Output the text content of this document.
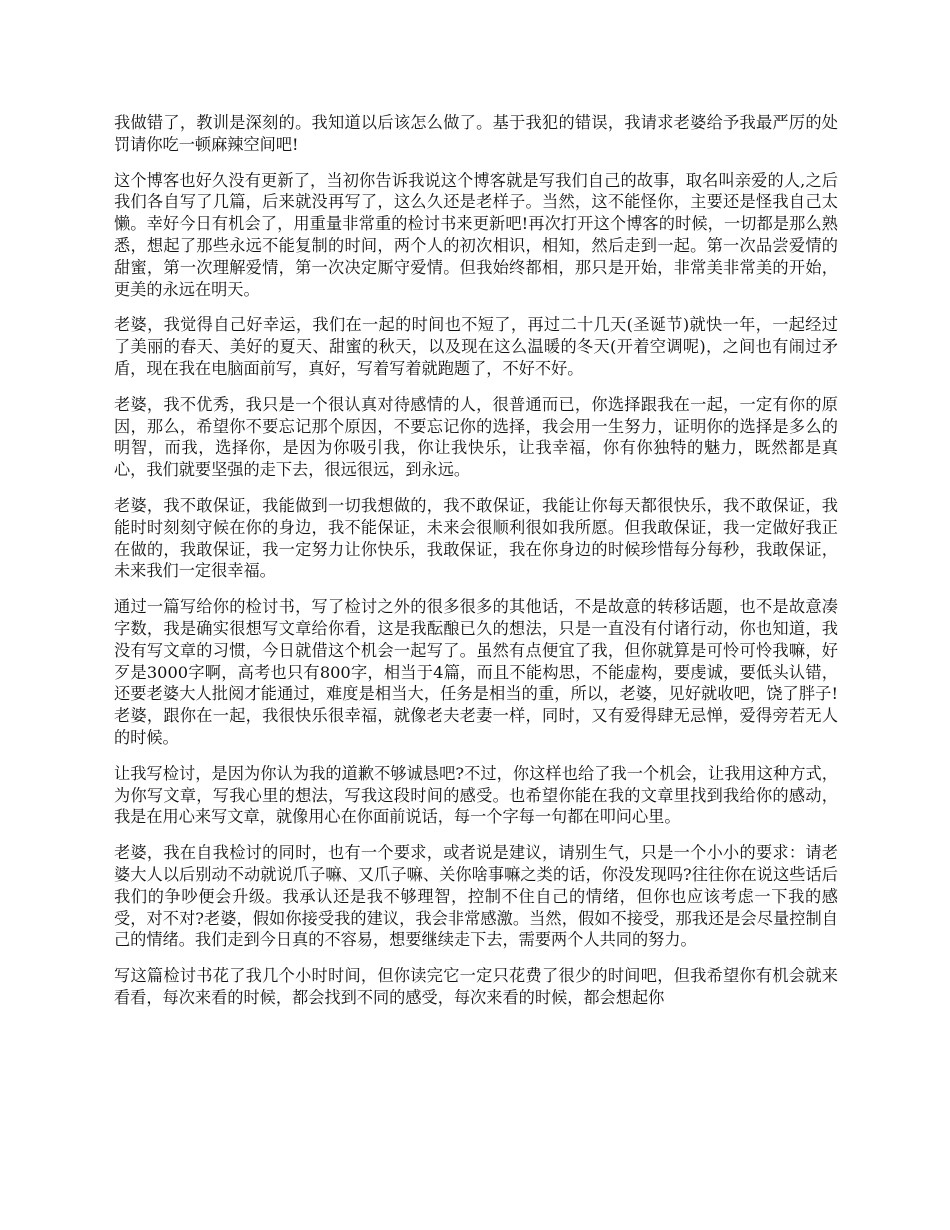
我做错了，教训是深刻的。我知道以后该怎么做了。基于我犯的错误，我请求老婆给予我最严厉的处罚请你吃一顿麻辣空间吧!

这个博客也好久没有更新了，当初你告诉我说这个博客就是写我们自己的故事，取名叫亲爱的人,之后我们各自写了几篇，后来就没再写了，这么久还是老样子。当然，这不能怪你，主要还是怪我自己太懒。幸好今日有机会了，用重量非常重的检讨书来更新吧!再次打开这个博客的时候，一切都是那么熟悉，想起了那些永远不能复制的时间，两个人的初次相识，相知，然后走到一起。第一次品尝爱情的甜蜜，第一次理解爱情，第一次决定厮守爱情。但我始终都相，那只是开始，非常美非常美的开始，更美的永远在明天。

老婆，我觉得自己好幸运，我们在一起的时间也不短了，再过二十几天(圣诞节)就快一年，一起经过了美丽的春天、美好的夏天、甜蜜的秋天，以及现在这么温暖的冬天(开着空调呢)，之间也有闹过矛盾，现在我在电脑面前写，真好，写着写着就跑题了，不好不好。

老婆，我不优秀，我只是一个很认真对待感情的人，很普通而已，你选择跟我在一起，一定有你的原因，那么，希望你不要忘记那个原因，不要忘记你的选择，我会用一生努力，证明你的选择是多么的明智，而我，选择你，是因为你吸引我，你让我快乐，让我幸福，你有你独特的魅力，既然都是真心，我们就要坚强的走下去，很远很远，到永远。

老婆，我不敢保证，我能做到一切我想做的，我不敢保证，我能让你每天都很快乐，我不敢保证，我能时时刻刻守候在你的身边，我不能保证，未来会很顺利很如我所愿。但我敢保证，我一定做好我正在做的，我敢保证，我一定努力让你快乐，我敢保证，我在你身边的时候珍惜每分每秒，我敢保证，未来我们一定很幸福。

通过一篇写给你的检讨书，写了检讨之外的很多很多的其他话，不是故意的转移话题，也不是故意凑字数，我是确实很想写文章给你看，这是我酝酿已久的想法，只是一直没有付诸行动，你也知道，我没有写文章的习惯，今日就借这个机会一起写了。虽然有点便宜了我，但你就算是可怜可怜我嘛，好歹是3000字啊，高考也只有800字，相当于4篇，而且不能构思，不能虚构，要虔诚，要低头认错，还要老婆大人批阅才能通过，难度是相当大，任务是相当的重，所以，老婆，见好就收吧，饶了胖子!老婆，跟你在一起，我很快乐很幸福，就像老夫老妻一样，同时，又有爱得肆无忌惮，爱得旁若无人的时候。

让我写检讨，是因为你认为我的道歉不够诚恳吧?不过，你这样也给了我一个机会，让我用这种方式，为你写文章，写我心里的想法，写我这段时间的感受。也希望你能在我的文章里找到我给你的感动，我是在用心来写文章，就像用心在你面前说话，每一个字每一句都在叩问心里。

老婆，我在自我检讨的同时，也有一个要求，或者说是建议，请别生气，只是一个小小的要求：请老婆大人以后别动不动就说爪子嘛、又爪子嘛、关你啥事嘛之类的话，你没发现吗?往往你在说这些话后我们的争吵便会升级。我承认还是我不够理智，控制不住自己的情绪，但你也应该考虑一下我的感受，对不对?老婆，假如你接受我的建议，我会非常感激。当然，假如不接受，那我还是会尽量控制自己的情绪。我们走到今日真的不容易，想要继续走下去，需要两个人共同的努力。

写这篇检讨书花了我几个小时时间，但你读完它一定只花费了很少的时间吧，但我希望你有机会就来看看，每次来看的时候，都会找到不同的感受，每次来看的时候，都会想起你
